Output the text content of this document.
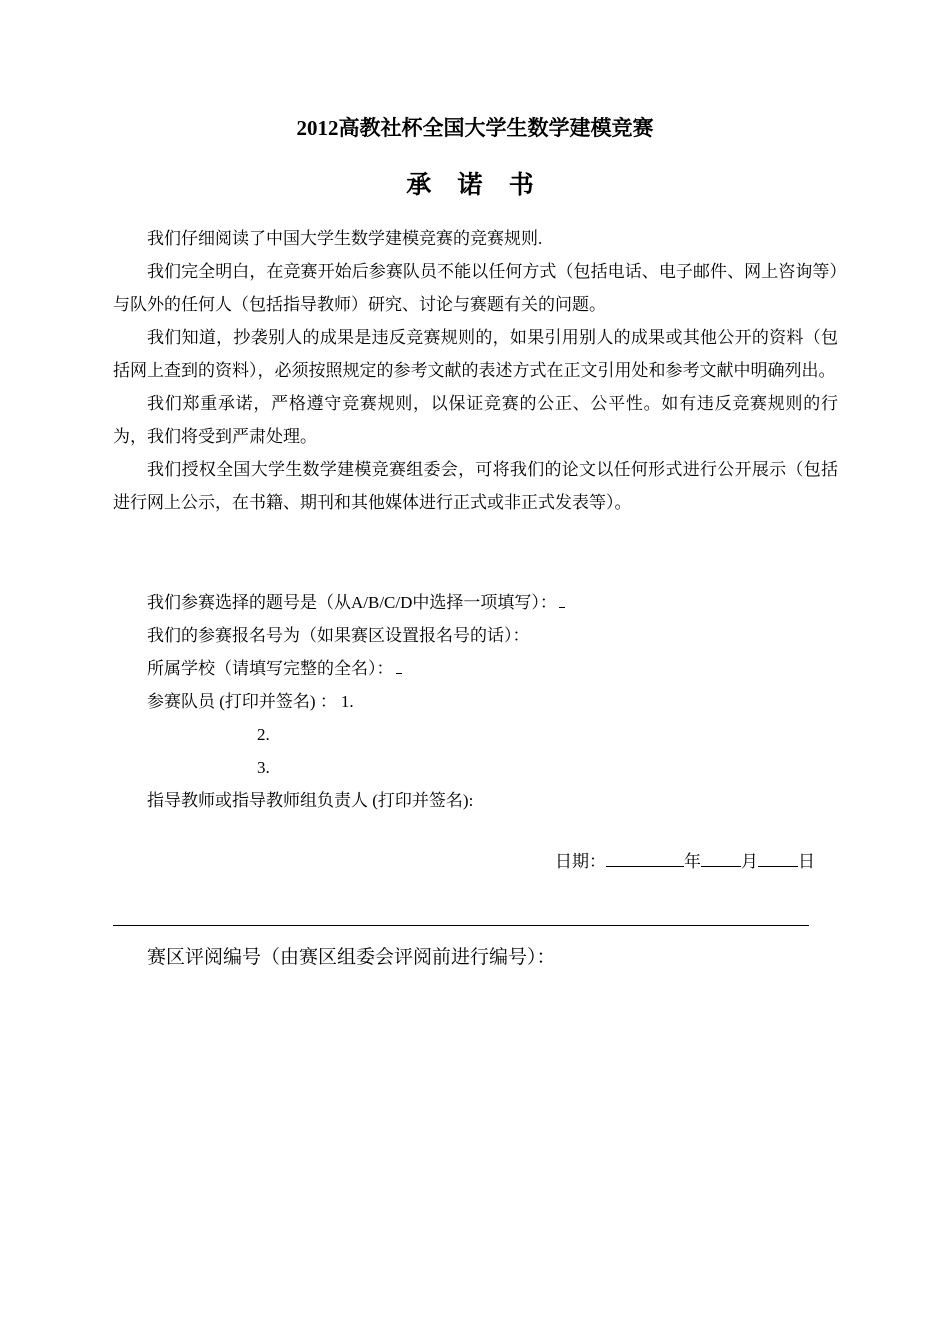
2012高教社杯全国大学生数学建模竞赛
承 诺 书

我们仔细阅读了中国大学生数学建模竞赛的竞赛规则.

我们完全明白，在竞赛开始后参赛队员不能以任何方式（包括电话、电子邮件、网上咨询等）与队外的任何人（包括指导教师）研究、讨论与赛题有关的问题。

我们知道，抄袭别人的成果是违反竞赛规则的，如果引用别人的成果或其他公开的资料（包括网上查到的资料），必须按照规定的参考文献的表述方式在正文引用处和参考文献中明确列出。

我们郑重承诺，严格遵守竞赛规则，以保证竞赛的公正、公平性。如有违反竞赛规则的行为，我们将受到严肃处理。

我们授权全国大学生数学建模竞赛组委会，可将我们的论文以任何形式进行公开展示（包括进行网上公示，在书籍、期刊和其他媒体进行正式或非正式发表等）。

我们参赛选择的题号是（从A/B/C/D中选择一项填写）：
我们的参赛报名号为（如果赛区设置报名号的话）：
所属学校（请填写完整的全名）：
参赛队员 (打印并签名) ： 1.
2.
3.
指导教师或指导教师组负责人 (打印并签名):
日期：	年 月 日
赛区评阅编号（由赛区组委会评阅前进行编号）：
